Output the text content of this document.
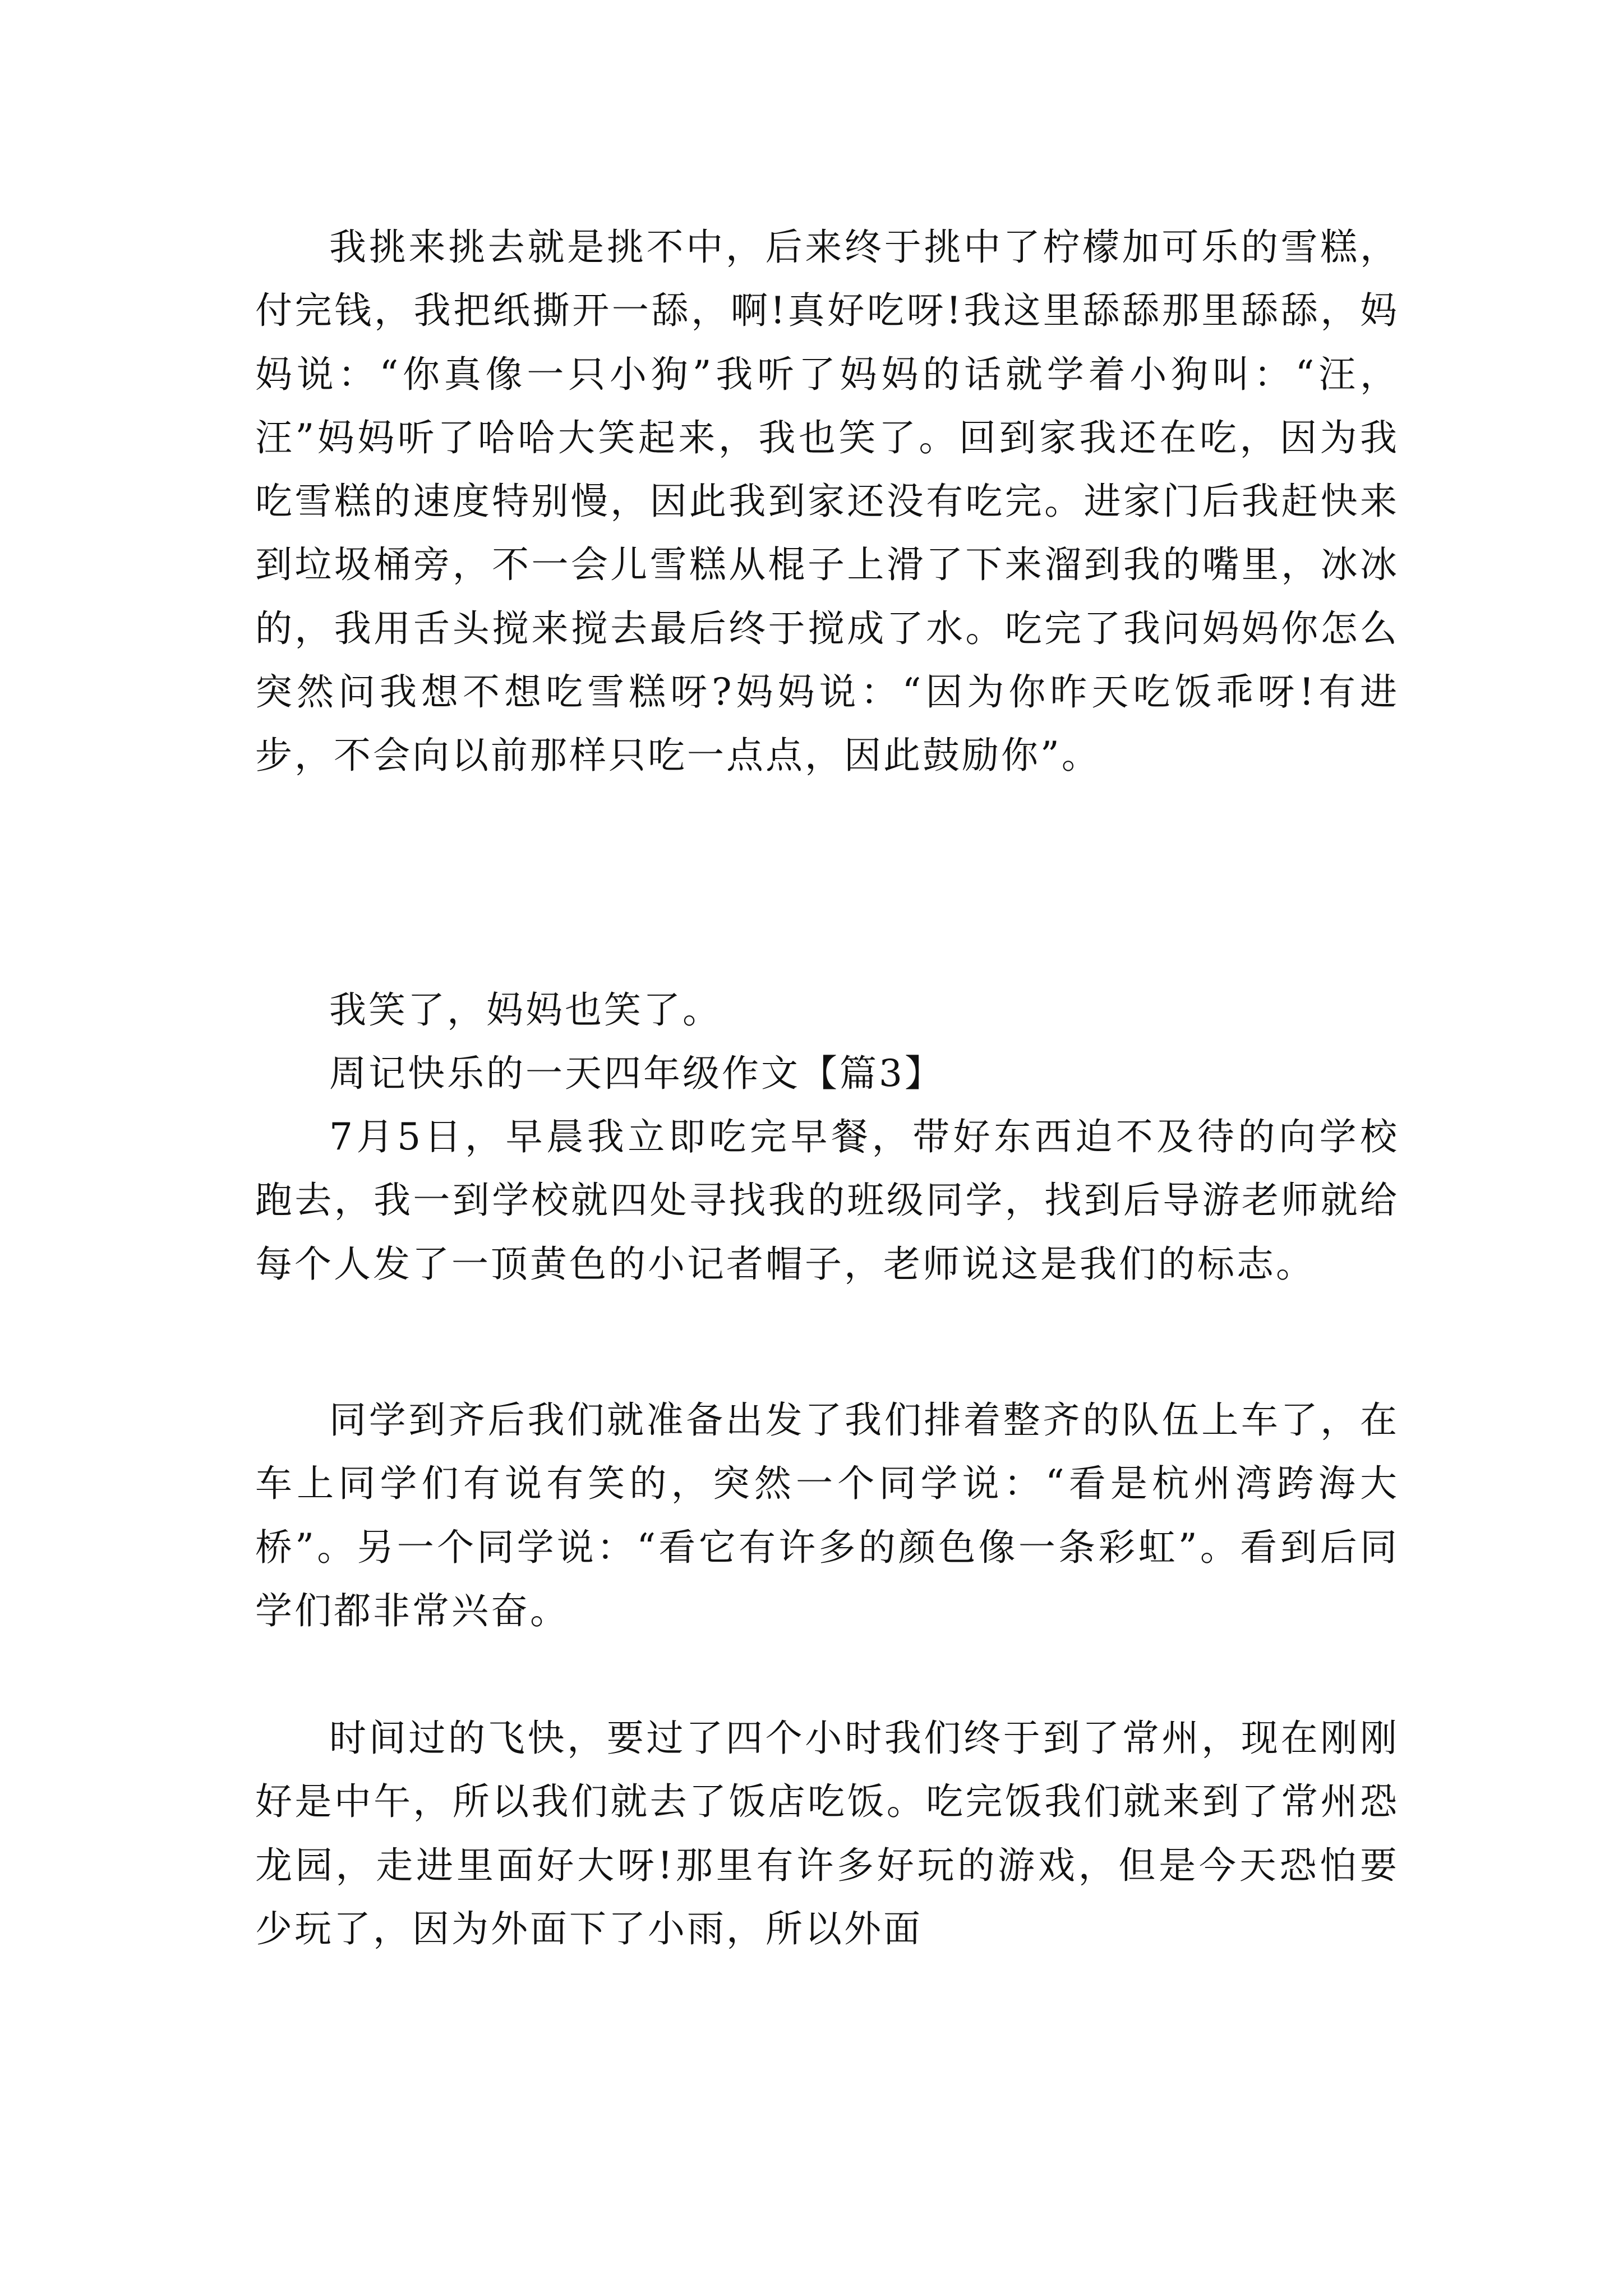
我挑来挑去就是挑不中，后来终于挑中了柠檬加可乐的雪糕，付完钱，我把纸撕开一舔，啊!真好吃呀!我这里舔舔那里舔舔，妈妈说：“你真像一只小狗”我听了妈妈的话就学着小狗叫：“汪，汪”妈妈听了哈哈大笑起来，我也笑了。回到家我还在吃，因为我吃雪糕的速度特别慢，因此我到家还没有吃完。进家门后我赶快来到垃圾桶旁，不一会儿雪糕从棍子上滑了下来溜到我的嘴里，冰冰的，我用舌头搅来搅去最后终于搅成了水。吃完了我问妈妈你怎么突然问我想不想吃雪糕呀?妈妈说：“因为你昨天吃饭乖呀!有进步，不会向以前那样只吃一点点，因此鼓励你”。

我笑了，妈妈也笑了。

周记快乐的一天四年级作文【篇3】

7月5日，早晨我立即吃完早餐，带好东西迫不及待的向学校跑去，我一到学校就四处寻找我的班级同学，找到后导游老师就给每个人发了一顶黄色的小记者帽子，老师说这是我们的标志。

同学到齐后我们就准备出发了我们排着整齐的队伍上车了，在车上同学们有说有笑的，突然一个同学说：“看是杭州湾跨海大桥”。另一个同学说：“看它有许多的颜色像一条彩虹”。看到后同学们都非常兴奋。

时间过的飞快，要过了四个小时我们终于到了常州，现在刚刚好是中午，所以我们就去了饭店吃饭。吃完饭我们就来到了常州恐龙园，走进里面好大呀!那里有许多好玩的游戏，但是今天恐怕要少玩了，因为外面下了小雨，所以外面
